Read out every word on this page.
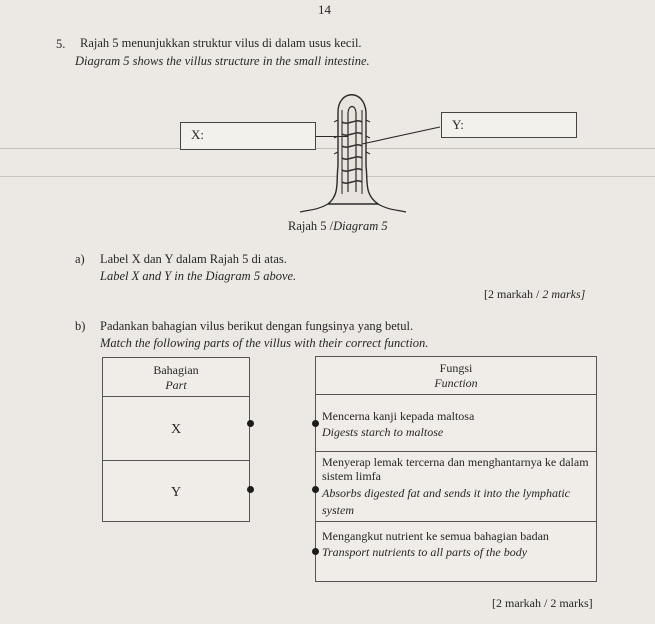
14
5. Rajah 5 menunjukkan struktur vilus di dalam usus kecil.
Diagram 5 shows the villus structure in the small intestine.
X:
Y:
Rajah 5 /Diagram 5
a) Label X dan Y dalam Rajah 5 di atas.
Label X and Y in the Diagram 5 above.
[2 markah / 2 marks]
b) Padankan bahagian vilus berikut dengan fungsinya yang betul.
Match the following parts of the villus with their correct function.
Bahagian
Part
X
Y
Fungsi
Function
Mencerna kanji kepada maltosa
Digests starch to maltose
Menyerap lemak tercerna dan menghantarnya ke dalam sistem limfa
Absorbs digested fat and sends it into the lymphatic system
Mengangkut nutrient ke semua bahagian badan
Transport nutrients to all parts of the body
[2 markah / 2 marks]
